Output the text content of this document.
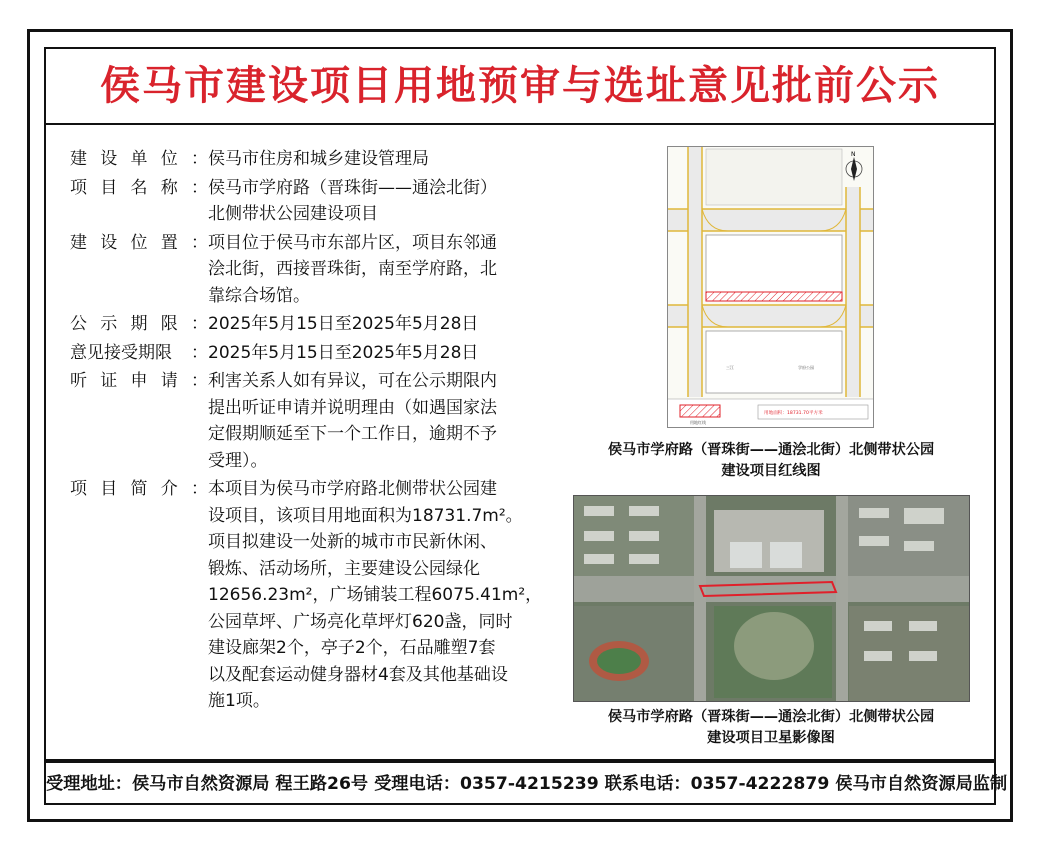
侯马市建设项目用地预审与选址意见批前公示
建 设 单 位 ： 侯马市住房和城乡建设管理局

项 目 名 称 ： 侯马市学府路（晋珠街——通浍北街）

北侧带状公园建设项目

建 设 位 置 ： 项目位于侯马市东部片区，项目东邻通

浍北街，西接晋珠街，南至学府路，北

靠综合场馆。

公 示 期 限 ： 2025年5月15日至2025年5月28日

意见接受期限 ： 2025年5月15日至2025年5月28日

听 证 申 请 ： 利害关系人如有异议，可在公示期限内

提出听证申请并说明理由（如遇国家法

定假期顺延至下一个工作日，逾期不予

受理）。

项 目 简 介 ： 本项目为侯马市学府路北侧带状公园建

设项目，该项目用地面积为18731.7m²。

项目拟建设一处新的城市市民新休闲、

锻炼、活动场所，主要建设公园绿化

12656.23m²，广场铺装工程6075.41m²，

公园草坪、广场亮化草坪灯620盏，同时

建设廊架2个，亭子2个，石品雕塑7套

以及配套运动健身器材4套及其他基础设

施1项。

N
三江	学府公园
用地红线
用地面积：18731.70平方米
侯马市学府路（晋珠街——通浍北街）北侧带状公园
建设项目红线图
侯马市学府路（晋珠街——通浍北街）北侧带状公园
建设项目卫星影像图
受理地址：侯马市自然资源局 程王路26号 受理电话：0357-4215239 联系电话：0357-4222879 侯马市自然资源局监制
